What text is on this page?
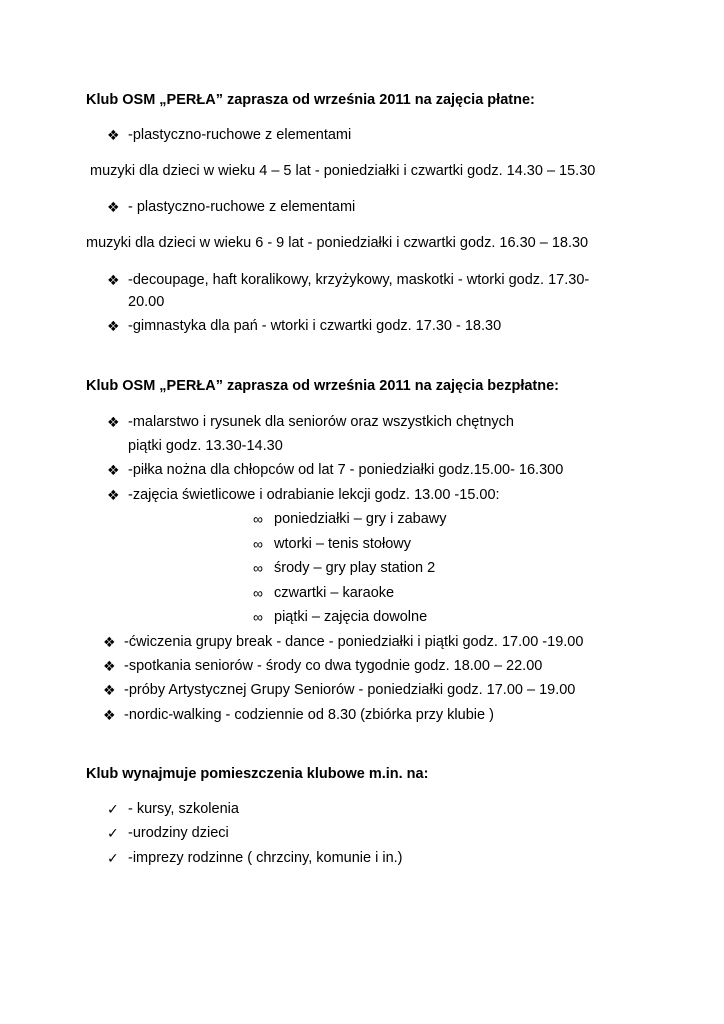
Klub OSM „PERŁA” zaprasza od września 2011 na zajęcia płatne:
❖ -plastyczno-ruchowe z elementami
muzyki dla dzieci w wieku 4 – 5 lat - poniedziałki i czwartki godz. 14.30 – 15.30
❖ - plastyczno-ruchowe z elementami
muzyki dla dzieci w wieku 6 - 9 lat - poniedziałki i czwartki godz. 16.30 – 18.30
❖ -decoupage, haft koralikowy, krzyżykowy, maskotki - wtorki godz. 17.30-
20.00
❖ -gimnastyka dla pań - wtorki i czwartki godz. 17.30 - 18.30
Klub OSM „PERŁA” zaprasza od września 2011 na zajęcia bezpłatne:
❖ -malarstwo i rysunek dla seniorów oraz wszystkich chętnych
piątki godz. 13.30-14.30
❖ -piłka nożna dla chłopców od lat 7 - poniedziałki godz.15.00- 16.300
❖ -zajęcia świetlicowe i odrabianie lekcji godz. 13.00 -15.00:
∞ poniedziałki – gry i zabawy
∞ wtorki – tenis stołowy
∞ środy – gry play station 2
∞ czwartki – karaoke
∞ piątki – zajęcia dowolne
❖ -ćwiczenia grupy break - dance - poniedziałki i piątki godz. 17.00 -19.00
❖ -spotkania seniorów - środy co dwa tygodnie godz. 18.00 – 22.00
❖ -próby Artystycznej Grupy Seniorów - poniedziałki godz. 17.00 – 19.00
❖ -nordic-walking - codziennie od 8.30 (zbiórka przy klubie )
Klub wynajmuje pomieszczenia klubowe m.in. na:
✓ - kursy, szkolenia
✓ -urodziny dzieci
✓ -imprezy rodzinne ( chrzciny, komunie i in.)
